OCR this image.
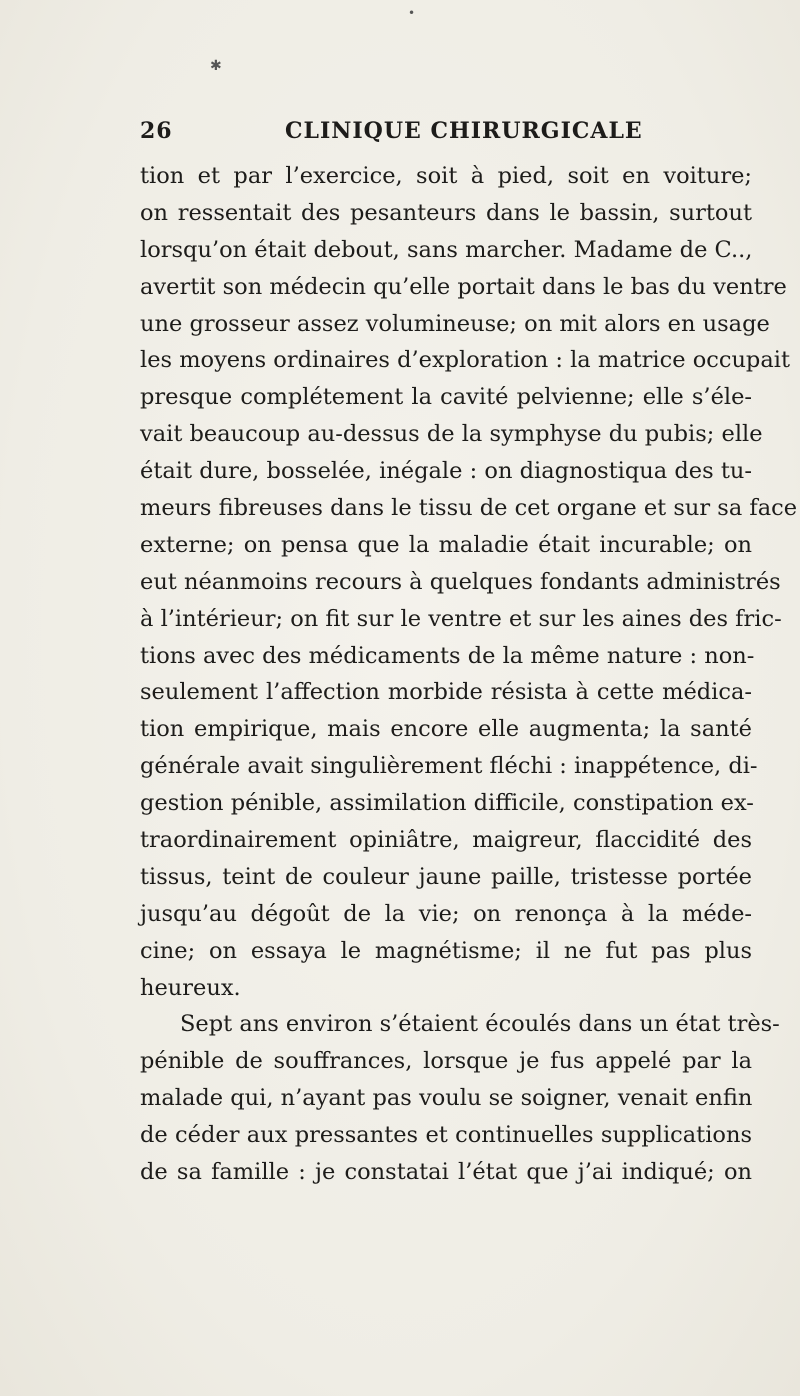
•
✱
26	CLINIQUE CHIRURGICALE
tion et par l’exercice, soit à pied, soit en voiture;
on ressentait des pesanteurs dans le bassin, surtout
lorsqu’on était debout, sans marcher. Madame de C..,
avertit son médecin qu’elle portait dans le bas du ventre
une grosseur assez volumineuse; on mit alors en usage
les moyens ordinaires d’exploration : la matrice occupait
presque complétement la cavité pelvienne; elle s’éle-
vait beaucoup au-dessus de la symphyse du pubis; elle
était dure, bosselée, inégale : on diagnostiqua des tu-
meurs fibreuses dans le tissu de cet organe et sur sa face
externe; on pensa que la maladie était incurable; on
eut néanmoins recours à quelques fondants administrés
à l’intérieur; on fit sur le ventre et sur les aines des fric-
tions avec des médicaments de la même nature : non-
seulement l’affection morbide résista à cette médica-
tion empirique, mais encore elle augmenta; la santé
générale avait singulièrement fléchi : inappétence, di-
gestion pénible, assimilation difficile, constipation ex-
traordinairement opiniâtre, maigreur, flaccidité des
tissus, teint de couleur jaune paille, tristesse portée
jusqu’au dégoût de la vie; on renonça à la méde-
cine; on essaya le magnétisme; il ne fut pas plus
heureux.
Sept ans environ s’étaient écoulés dans un état très-
pénible de souffrances, lorsque je fus appelé par la
malade qui, n’ayant pas voulu se soigner, venait enfin
de céder aux pressantes et continuelles supplications
de sa famille : je constatai l’état que j’ai indiqué; on
